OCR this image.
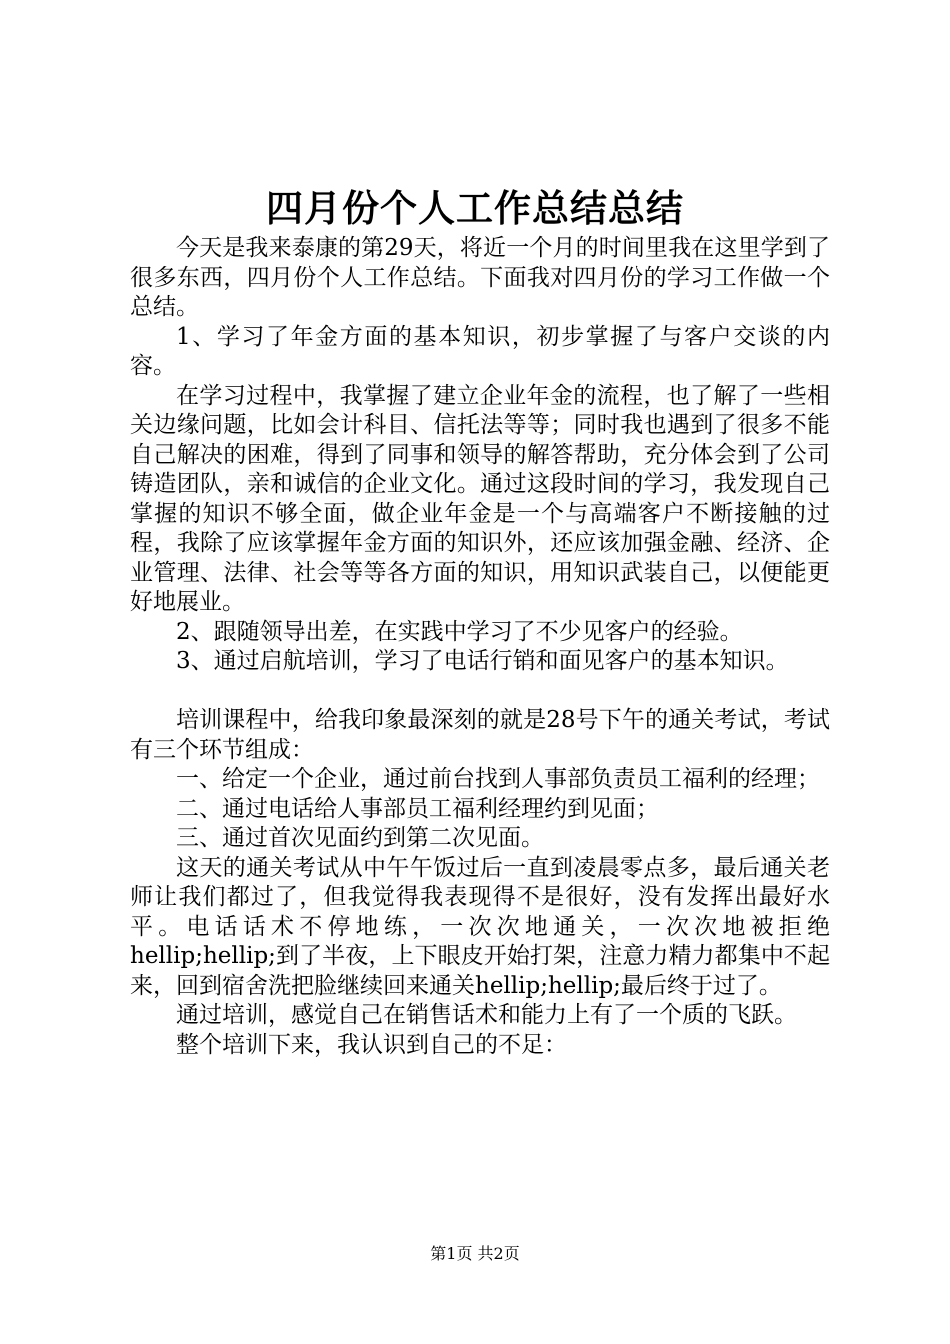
四月份个人工作总结总结

今天是我来泰康的第29天，将近一个月的时间里我在这里学到了很多东西，四月份个人工作总结。下面我对四月份的学习工作做一个总结。

1、学习了年金方面的基本知识，初步掌握了与客户交谈的内容。

在学习过程中，我掌握了建立企业年金的流程，也了解了一些相关边缘问题，比如会计科目、信托法等等；同时我也遇到了很多不能自己解决的困难，得到了同事和领导的解答帮助，充分体会到了公司铸造团队，亲和诚信的企业文化。通过这段时间的学习，我发现自己掌握的知识不够全面，做企业年金是一个与高端客户不断接触的过程，我除了应该掌握年金方面的知识外，还应该加强金融、经济、企业管理、法律、社会等等各方面的知识，用知识武装自己，以便能更好地展业。

2、跟随领导出差，在实践中学习了不少见客户的经验。

3、通过启航培训，学习了电话行销和面见客户的基本知识。

培训课程中，给我印象最深刻的就是28号下午的通关考试，考试有三个环节组成：

一、给定一个企业，通过前台找到人事部负责员工福利的经理；

二、通过电话给人事部员工福利经理约到见面；

三、通过首次见面约到第二次见面。

这天的通关考试从中午午饭过后一直到凌晨零点多，最后通关老师让我们都过了，但我觉得我表现得不是很好，没有发挥出最好水平。电话话术不停地练，一次次地通关，一次次地被拒绝hellip;hellip;到了半夜，上下眼皮开始打架，注意力精力都集中不起来，回到宿舍洗把脸继续回来通关hellip;hellip;最后终于过了。

通过培训，感觉自己在销售话术和能力上有了一个质的飞跃。

整个培训下来，我认识到自己的不足：

第1页 共2页
